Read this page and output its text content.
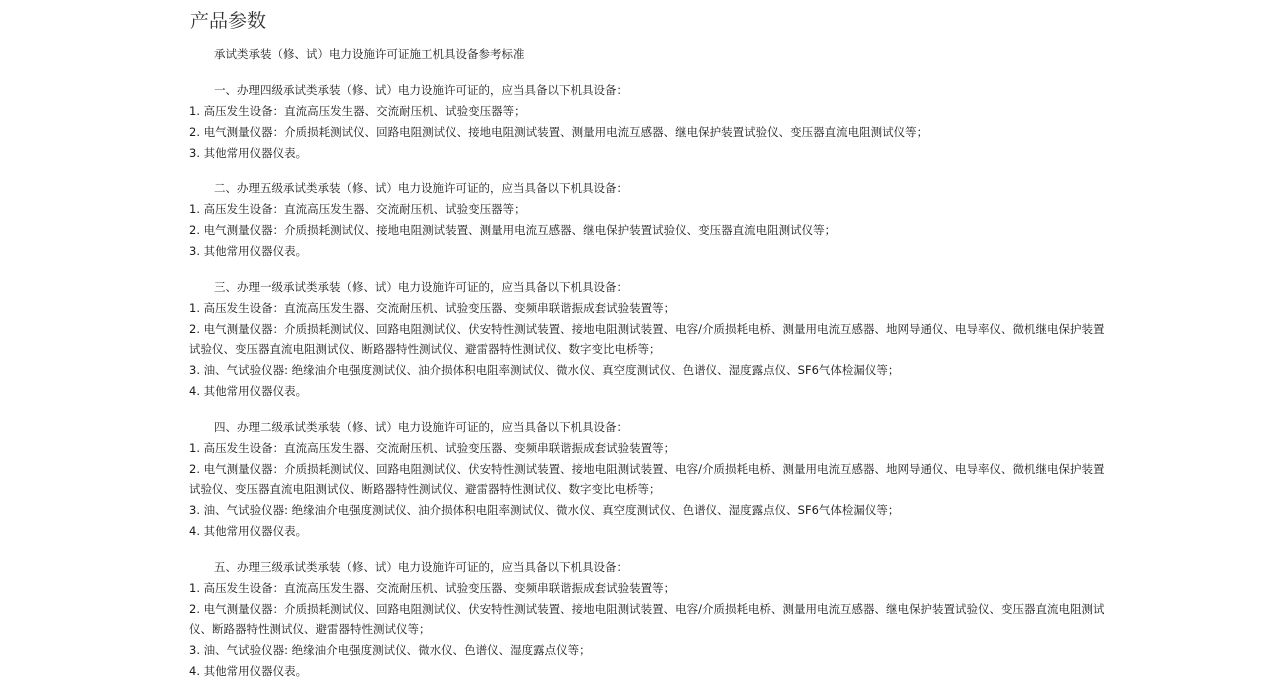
产品参数
承试类承装（修、试）电力设施许可证施工机具设备参考标准
一、办理四级承试类承装（修、试）电力设施许可证的，应当具备以下机具设备：
1. 高压发生设备：直流高压发生器、交流耐压机、试验变压器等；
2. 电气测量仪器：介质损耗测试仪、回路电阻测试仪、接地电阻测试装置、测量用电流互感器、继电保护装置试验仪、变压器直流电阻测试仪等；
3. 其他常用仪器仪表。
二、办理五级承试类承装（修、试）电力设施许可证的，应当具备以下机具设备：
1. 高压发生设备：直流高压发生器、交流耐压机、试验变压器等；
2. 电气测量仪器：介质损耗测试仪、接地电阻测试装置、测量用电流互感器、继电保护装置试验仪、变压器直流电阻测试仪等；
3. 其他常用仪器仪表。
三、办理一级承试类承装（修、试）电力设施许可证的，应当具备以下机具设备：
1. 高压发生设备：直流高压发生器、交流耐压机、试验变压器、变频串联谐振成套试验装置等；
2. 电气测量仪器：介质损耗测试仪、回路电阻测试仪、伏安特性测试装置、接地电阻测试装置、电容/介质损耗电桥、测量用电流互感器、地网导通仪、电导率仪、微机继电保护装置试验仪、变压器直流电阻测试仪、断路器特性测试仪、避雷器特性测试仪、数字变比电桥等；
3. 油、气试验仪器: 绝缘油介电强度测试仪、油介损体积电阻率测试仪、微水仪、真空度测试仪、色谱仪、湿度露点仪、SF6气体检漏仪等；
4. 其他常用仪器仪表。
四、办理二级承试类承装（修、试）电力设施许可证的，应当具备以下机具设备：
1. 高压发生设备：直流高压发生器、交流耐压机、试验变压器、变频串联谐振成套试验装置等；
2. 电气测量仪器：介质损耗测试仪、回路电阻测试仪、伏安特性测试装置、接地电阻测试装置、电容/介质损耗电桥、测量用电流互感器、地网导通仪、电导率仪、微机继电保护装置试验仪、变压器直流电阻测试仪、断路器特性测试仪、避雷器特性测试仪、数字变比电桥等；
3. 油、气试验仪器: 绝缘油介电强度测试仪、油介损体积电阻率测试仪、微水仪、真空度测试仪、色谱仪、湿度露点仪、SF6气体检漏仪等；
4. 其他常用仪器仪表。
五、办理三级承试类承装（修、试）电力设施许可证的，应当具备以下机具设备：
1. 高压发生设备：直流高压发生器、交流耐压机、试验变压器、变频串联谐振成套试验装置等；
2. 电气测量仪器：介质损耗测试仪、回路电阻测试仪、伏安特性测试装置、接地电阻测试装置、电容/介质损耗电桥、测量用电流互感器、继电保护装置试验仪、变压器直流电阻测试仪、断路器特性测试仪、避雷器特性测试仪等；
3. 油、气试验仪器: 绝缘油介电强度测试仪、微水仪、色谱仪、湿度露点仪等；
4. 其他常用仪器仪表。
